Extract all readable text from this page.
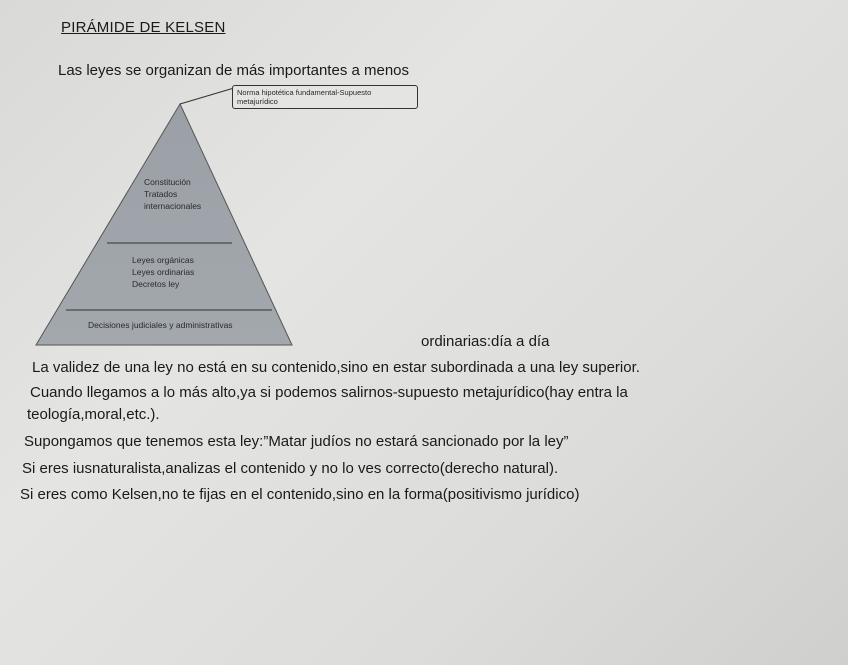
PIRÁMIDE DE KELSEN
Las leyes se organizan de más importantes a menos
Norma hipotética fundamental-Supuesto metajurídico
Constitución
Tratados
internacionales
Leyes orgánicas
Leyes ordinarias
Decretos ley
Decisiones judiciales y administrativas
ordinarias:día a día
La validez de una ley no está en su contenido,sino en estar subordinada a una ley superior.
Cuando llegamos a lo más alto,ya si podemos salirnos-supuesto metajurídico(hay entra la
teología,moral,etc.).
Supongamos que tenemos esta ley:”Matar judíos no estará sancionado por la ley”
Si eres iusnaturalista,analizas el contenido y no lo ves correcto(derecho natural).
Si eres como Kelsen,no te fijas en el contenido,sino en la forma(positivismo jurídico)
